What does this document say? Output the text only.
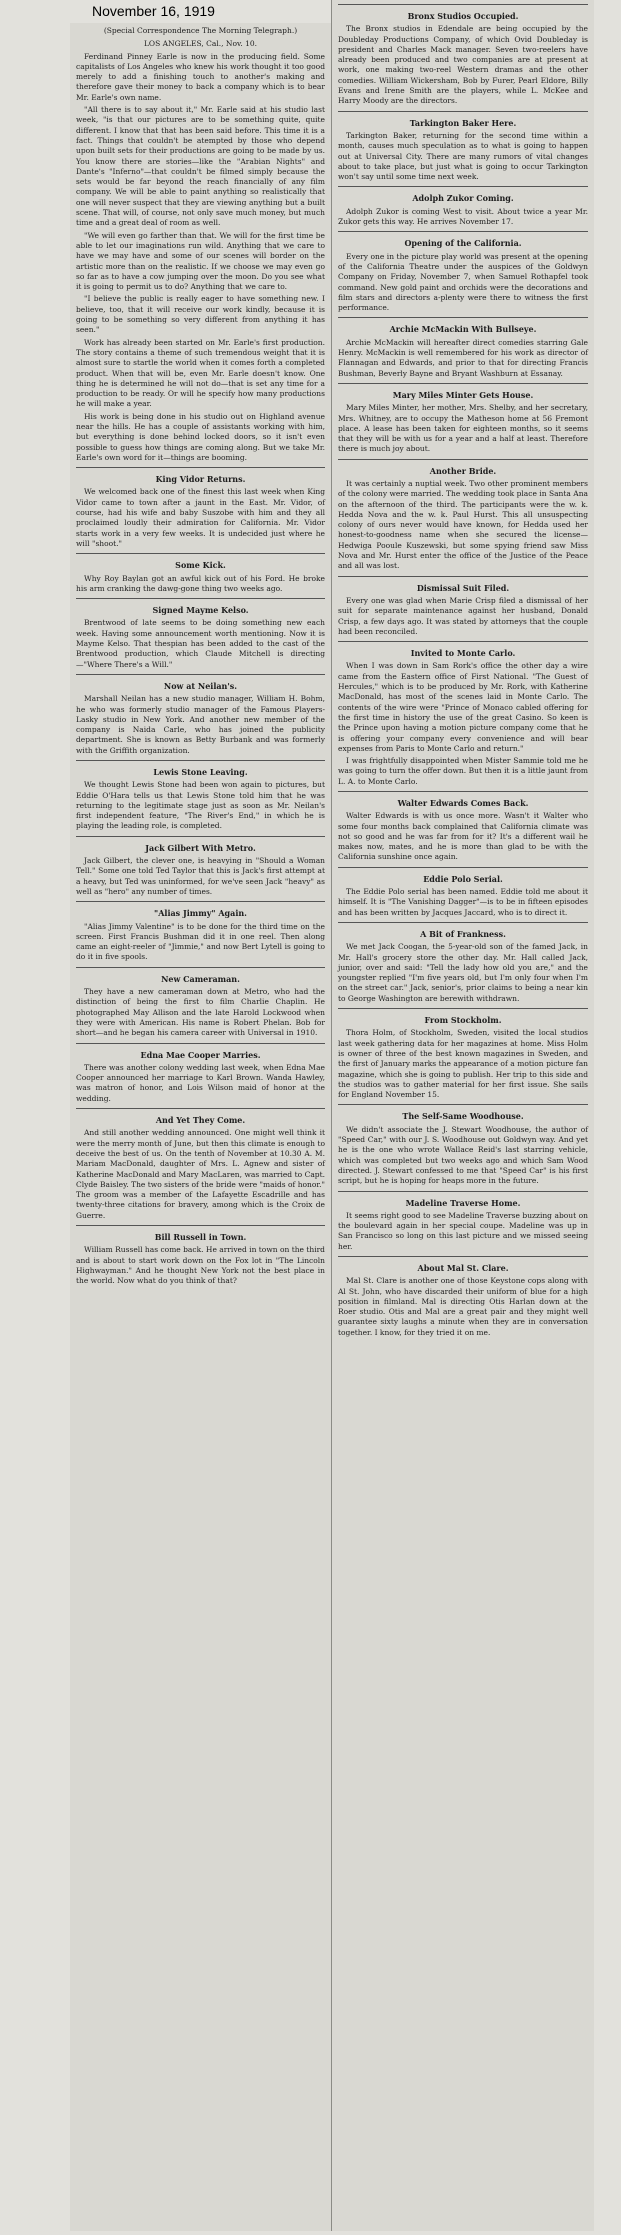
November 16, 1919
(Special Correspondence The Morning Telegraph.)
LOS ANGELES, Cal., Nov. 10.

Ferdinand Pinney Earle is now in the producing field. Some capitalists of Los Angeles who knew his work thought it too good merely to add a finishing touch to another's making and therefore gave their money to back a company which is to bear Mr. Earle's own name.

"All there is to say about it," Mr. Earle said at his studio last week, "is that our pictures are to be something quite, quite different. I know that that has been said before. This time it is a fact. Things that couldn't be atempted by those who depend upon built sets for their productions are going to be made by us. You know there are stories—like the "Arabian Nights" and Dante's "Inferno"—that couldn't be filmed simply because the sets would be far beyond the reach financially of any film company. We will be able to paint anything so realistically that one will never suspect that they are viewing anything but a built scene. That will, of course, not only save much money, but much time and a great deal of room as well.

"We will even go farther than that. We will for the first time be able to let our imaginations run wild. Anything that we care to have we may have and some of our scenes will border on the artistic more than on the realistic. If we choose we may even go so far as to have a cow jumping over the moon. Do you see what it is going to permit us to do? Anything that we care to.

"I believe the public is really eager to have something new. I believe, too, that it will receive our work kindly, because it is going to be something so very different from anything it has seen."

Work has already been started on Mr. Earle's first production. The story contains a theme of such tremendous weight that it is almost sure to startle the world when it comes forth a completed product. When that will be, even Mr. Earle doesn't know. One thing he is determined he will not do—that is set any time for a production to be ready. Or will he specify how many productions he will make a year.

His work is being done in his studio out on Highland avenue near the hills. He has a couple of assistants working with him, but everything is done behind locked doors, so it isn't even possible to guess how things are coming along. But we take Mr. Earle's own word for it—things are booming.

King Vidor Returns.

We welcomed back one of the finest this last week when King Vidor came to town after a jaunt in the East. Mr. Vidor, of course, had his wife and baby Suszobe with him and they all proclaimed loudly their admiration for California. Mr. Vidor starts work in a very few weeks. It is undecided just where he will "shoot."

Some Kick.

Why Roy Baylan got an awful kick out of his Ford. He broke his arm cranking the dawg-gone thing two weeks ago.

Signed Mayme Kelso.

Brentwood of late seems to be doing something new each week. Having some announcement worth mentioning. Now it is Mayme Kelso. That thespian has been added to the cast of the Brentwood production, which Claude Mitchell is directing—"Where There's a Will."

Now at Neilan's.

Marshall Neilan has a new studio manager, William H. Bohm, he who was formerly studio manager of the Famous Players-Lasky studio in New York. And another new member of the company is Naida Carle, who has joined the publicity department. She is known as Betty Burbank and was formerly with the Griffith organization.

Lewis Stone Leaving.

We thought Lewis Stone had been won again to pictures, but Eddie O'Hara tells us that Lewis Stone told him that he was returning to the legitimate stage just as soon as Mr. Neilan's first independent feature, "The River's End," in which he is playing the leading role, is completed.

Jack Gilbert With Metro.

Jack Gilbert, the clever one, is heavying in "Should a Woman Tell." Some one told Ted Taylor that this is Jack's first attempt at a heavy, but Ted was uninformed, for we've seen Jack "heavy" as well as "hero" any number of times.

"Alias Jimmy" Again.

"Alias Jimmy Valentine" is to be done for the third time on the screen. First Francis Bushman did it in one reel. Then along came an eight-reeler of "Jimmie," and now Bert Lytell is going to do it in five spools.

New Cameraman.

They have a new cameraman down at Metro, who had the distinction of being the first to film Charlie Chaplin. He photographed May Allison and the late Harold Lockwood when they were with American. His name is Robert Phelan. Bob for short—and he began his camera career with Universal in 1910.

Edna Mae Cooper Marries.

There was another colony wedding last week, when Edna Mae Cooper announced her marriage to Karl Brown. Wanda Hawley, was matron of honor, and Lois Wilson maid of honor at the wedding.

And Yet They Come.

And still another wedding announced. One might well think it were the merry month of June, but then this climate is enough to deceive the best of us. On the tenth of November at 10.30 A. M. Mariam MacDonald, daughter of Mrs. L. Agnew and sister of Katherine MacDonald and Mary MacLaren, was married to Capt. Clyde Baisley. The two sisters of the bride were "maids of honor." The groom was a member of the Lafayette Escadrille and has twenty-three citations for bravery, among which is the Croix de Guerre.

Bill Russell in Town.

William Russell has come back. He arrived in town on the third and is about to start work down on the Fox lot in "The Lincoln Highwayman." And he thought New York not the best place in the world. Now what do you think of that?

Bronx Studios Occupied.

The Bronx studios in Edendale are being occupied by the Doubleday Productions Company, of which Ovid Doubleday is president and Charles Mack manager. Seven two-reelers have already been produced and two companies are at present at work, one making two-reel Western dramas and the other comedies. William Wickersham, Bob by Furer, Pearl Eldore, Billy Evans and Irene Smith are the players, while L. McKee and Harry Moody are the directors.

Tarkington Baker Here.

Tarkington Baker, returning for the second time within a month, causes much speculation as to what is going to happen out at Universal City. There are many rumors of vital changes about to take place, but just what is going to occur Tarkington won't say until some time next week.

Adolph Zukor Coming.

Adolph Zukor is coming West to visit. About twice a year Mr. Zukor gets this way. He arrives November 17.

Opening of the California.

Every one in the picture play world was present at the opening of the California Theatre under the auspices of the Goldwyn Company on Friday, November 7, when Samuel Rothapfel took command. New gold paint and orchids were the decorations and film stars and directors a-plenty were there to witness the first performance.

Archie McMackin With Bullseye.

Archie McMackin will hereafter direct comedies starring Gale Henry. McMackin is well remembered for his work as director of Flannagan and Edwards, and prior to that for directing Francis Bushman, Beverly Bayne and Bryant Washburn at Essanay.

Mary Miles Minter Gets House.

Mary Miles Minter, her mother, Mrs. Shelby, and her secretary, Mrs. Whitney, are to occupy the Matheson home at 56 Fremont place. A lease has been taken for eighteen months, so it seems that they will be with us for a year and a half at least. Therefore there is much joy about.

Another Bride.

It was certainly a nuptial week. Two other prominent members of the colony were married. The wedding took place in Santa Ana on the afternoon of the third. The participants were the w. k. Hedda Nova and the w. k. Paul Hurst. This all unsuspecting colony of ours never would have known, for Hedda used her honest-to-goodness name when she secured the license—Hedwiga Pooule Kuszewski, but some spying friend saw Miss Nova and Mr. Hurst enter the office of the Justice of the Peace and all was lost.

Dismissal Suit Filed.

Every one was glad when Marie Crisp filed a dismissal of her suit for separate maintenance against her husband, Donald Crisp, a few days ago. It was stated by attorneys that the couple had been reconciled.

Invited to Monte Carlo.

When I was down in Sam Rork's office the other day a wire came from the Eastern office of First National. "The Guest of Hercules," which is to be produced by Mr. Rork, with Katherine MacDonald, has most of the scenes laid in Monte Carlo. The contents of the wire were "Prince of Monaco cabled offering for the first time in history the use of the great Casino. So keen is the Prince upon having a motion picture company come that he is offering your company every convenience and will bear expenses from Paris to Monte Carlo and return."

I was frightfully disappointed when Mister Sammie told me he was going to turn the offer down. But then it is a little jaunt from L. A. to Monte Carlo.

Walter Edwards Comes Back.

Walter Edwards is with us once more. Wasn't it Walter who some four months back complained that California climate was not so good and he was far from for it? It's a different wail he makes now, mates, and he is more than glad to be with the California sunshine once again.

Eddie Polo Serial.

The Eddie Polo serial has been named. Eddie told me about it himself. It is "The Vanishing Dagger"—is to be in fifteen episodes and has been written by Jacques Jaccard, who is to direct it.

A Bit of Frankness.

We met Jack Coogan, the 5-year-old son of the famed Jack, in Mr. Hall's grocery store the other day. Mr. Hall called Jack, junior, over and said: "Tell the lady how old you are," and the youngster replied "I'm five years old, but I'm only four when I'm on the street car." Jack, senior's, prior claims to being a near kin to George Washington are berewith withdrawn.

From Stockholm.

Thora Holm, of Stockholm, Sweden, visited the local studios last week gathering data for her magazines at home. Miss Holm is owner of three of the best known magazines in Sweden, and the first of January marks the appearance of a motion picture fan magazine, which she is going to publish. Her trip to this side and the studios was to gather material for her first issue. She sails for England November 15.

The Self-Same Woodhouse.

We didn't associate the J. Stewart Woodhouse, the author of "Speed Car," with our J. S. Woodhouse out Goldwyn way. And yet he is the one who wrote Wallace Reid's last starring vehicle, which was completed but two weeks ago and which Sam Wood directed. J. Stewart confessed to me that "Speed Car" is his first script, but he is hoping for heaps more in the future.

Madeline Traverse Home.

It seems right good to see Madeline Traverse buzzing about on the boulevard again in her special coupe. Madeline was up in San Francisco so long on this last picture and we missed seeing her.

About Mal St. Clare.

Mal St. Clare is another one of those Keystone cops along with Al St. John, who have discarded their uniform of blue for a high position in filmland. Mal is directing Otis Harlan down at the Roer studio. Otis and Mal are a great pair and they might well guarantee sixty laughs a minute when they are in conversation together. I know, for they tried it on me.
